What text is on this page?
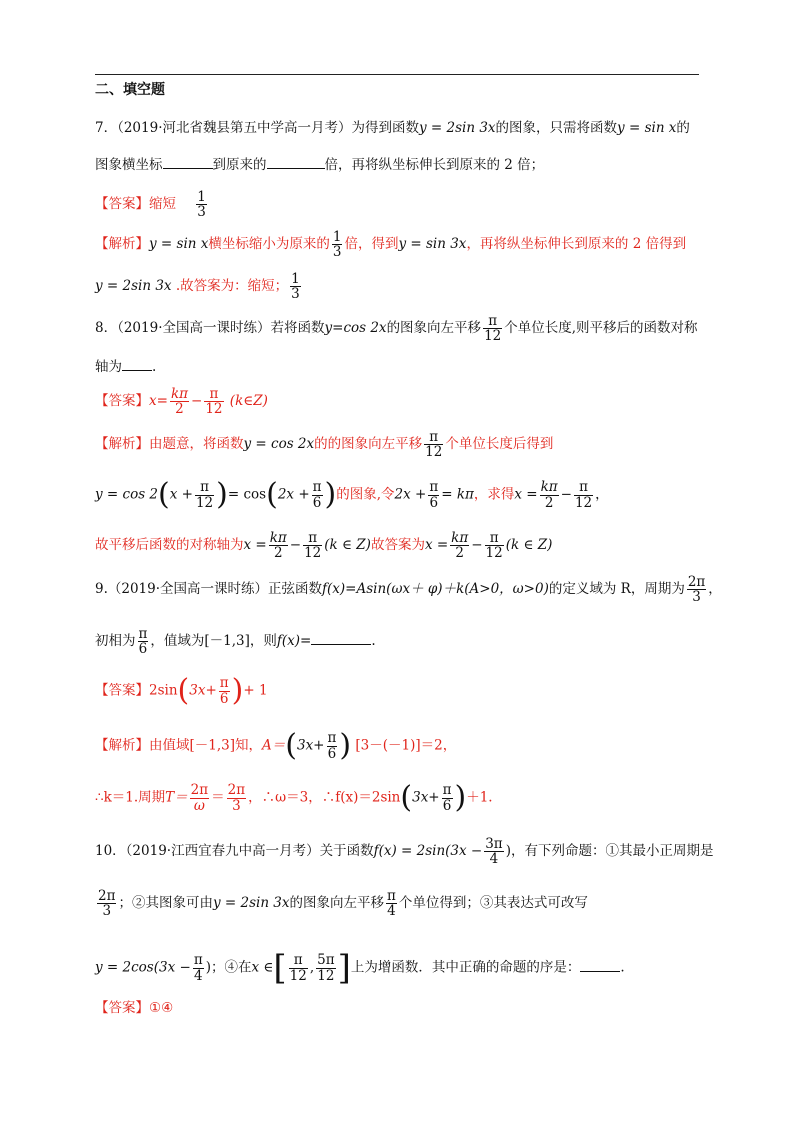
二、填空题
7．（2019·河北省魏县第五中学高一月考）为得到函数y = 2sin 3x的图象，只需将函数y = sin x的
图象横坐标	到原来的	倍，再将纵坐标伸长到原来的 2 倍；
【答案】缩短 $\frac{1}{3}$
【解析】y = sin x横坐标缩小为原来的 $\frac{1}{3}$ 倍，得到y = sin 3x，再将纵坐标伸长到原来的 2 倍得到
y = 2sin 3x .故答案为：缩短； $\frac{1}{3}$
8．（2019·全国高一课时练）若将函数y=cos 2x的图象向左平移 $\frac{\pi}{12}$ 个单位长度,则平移后的函数对称
轴为 .
【答案】$x= \frac{k\pi}{2} - \frac{\pi}{12}$ (k∈Z)
【解析】由题意，将函数y = cos 2x的的图象向左平移 $\frac{\pi}{12}$ 个单位长度后得到
$y = \cos 2(x + \frac{\pi}{12}$ )= $\cos(2x + \frac{\pi}{6}$ )的图象,令$2x + \frac{\pi}{6} = k\pi$，求得$x = \frac{k\pi}{2} - \frac{\pi}{12}$ ，
故平移后函数的对称轴为$x = \frac{k\pi}{2} - \frac{\pi}{12} (k$ ∈ Z)故答案为$x = \frac{k\pi}{2} - \frac{\pi}{12} (k$ ∈ Z)
9.（2019·全国高一课时练）正弦函数f(x)=Asin(ωx＋ φ)＋k(A>0，ω>0)的定义域为 R，周期为 $\frac{2\pi}{3}$ ，
初相为 $\frac{\pi}{6}$ ，值域为[－1,3]，则f(x)=	.
【答案】$2\sin(3x+ \frac{\pi}{6}$ )+ 1
【解析】由值域[－1,3]知，$A=(3x+ \frac{\pi}{6}$ ) [3－(－1)]＝2，
∴k＝1.周期$T= \frac{2\pi}{\omega} = \frac{2\pi}{3}$ ，∴ω＝3，∴f(x)＝2sin(3x+ $\frac{\pi}{6} )+1$.
10．（2019·江西宜春九中高一月考）关于函数$f(x) = 2\sin(3x - \frac{3\pi}{4}$ )，有下列命题：①其最小正周期是
$\frac{2\pi}{3}$ ；②其图象可由y = 2sin 3x的图象向左平移 $\frac{\pi}{4}$ 个单位得到；③其表达式可改写
$y = 2\cos(3x - \frac{\pi}{4}$ )；④在x ∈[ $\frac{\pi}{12}$ , $\frac{5\pi}{12}$ ]上为增函数．其中正确的命题的序是：	.
【答案】①④
